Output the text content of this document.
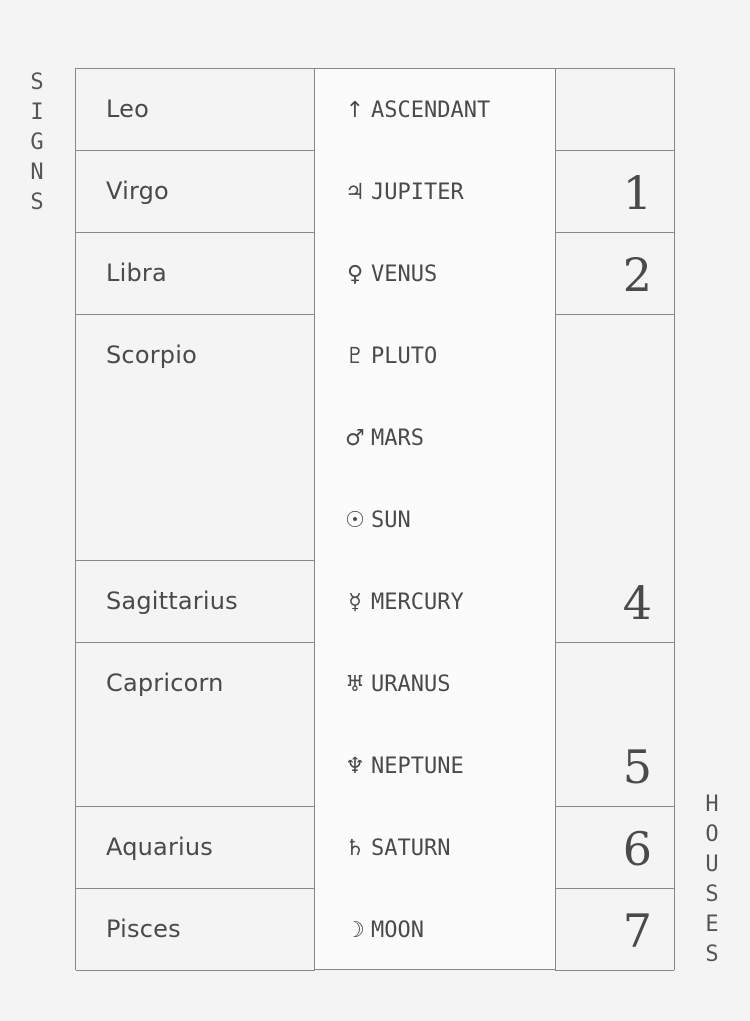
S
I
G
N
S
H
O
U
S
E
S
Leo
Virgo
Libra
Scorpio
Sagittarius
Capricorn
Aquarius
Pisces
↑ ASCENDANT
♃ JUPITER
♀ VENUS
♇ PLUTO
♂ MARS
☉ SUN
☿ MERCURY
♅ URANUS
♆ NEPTUNE
♄ SATURN
☽ MOON
1
2
4
5
6
7
